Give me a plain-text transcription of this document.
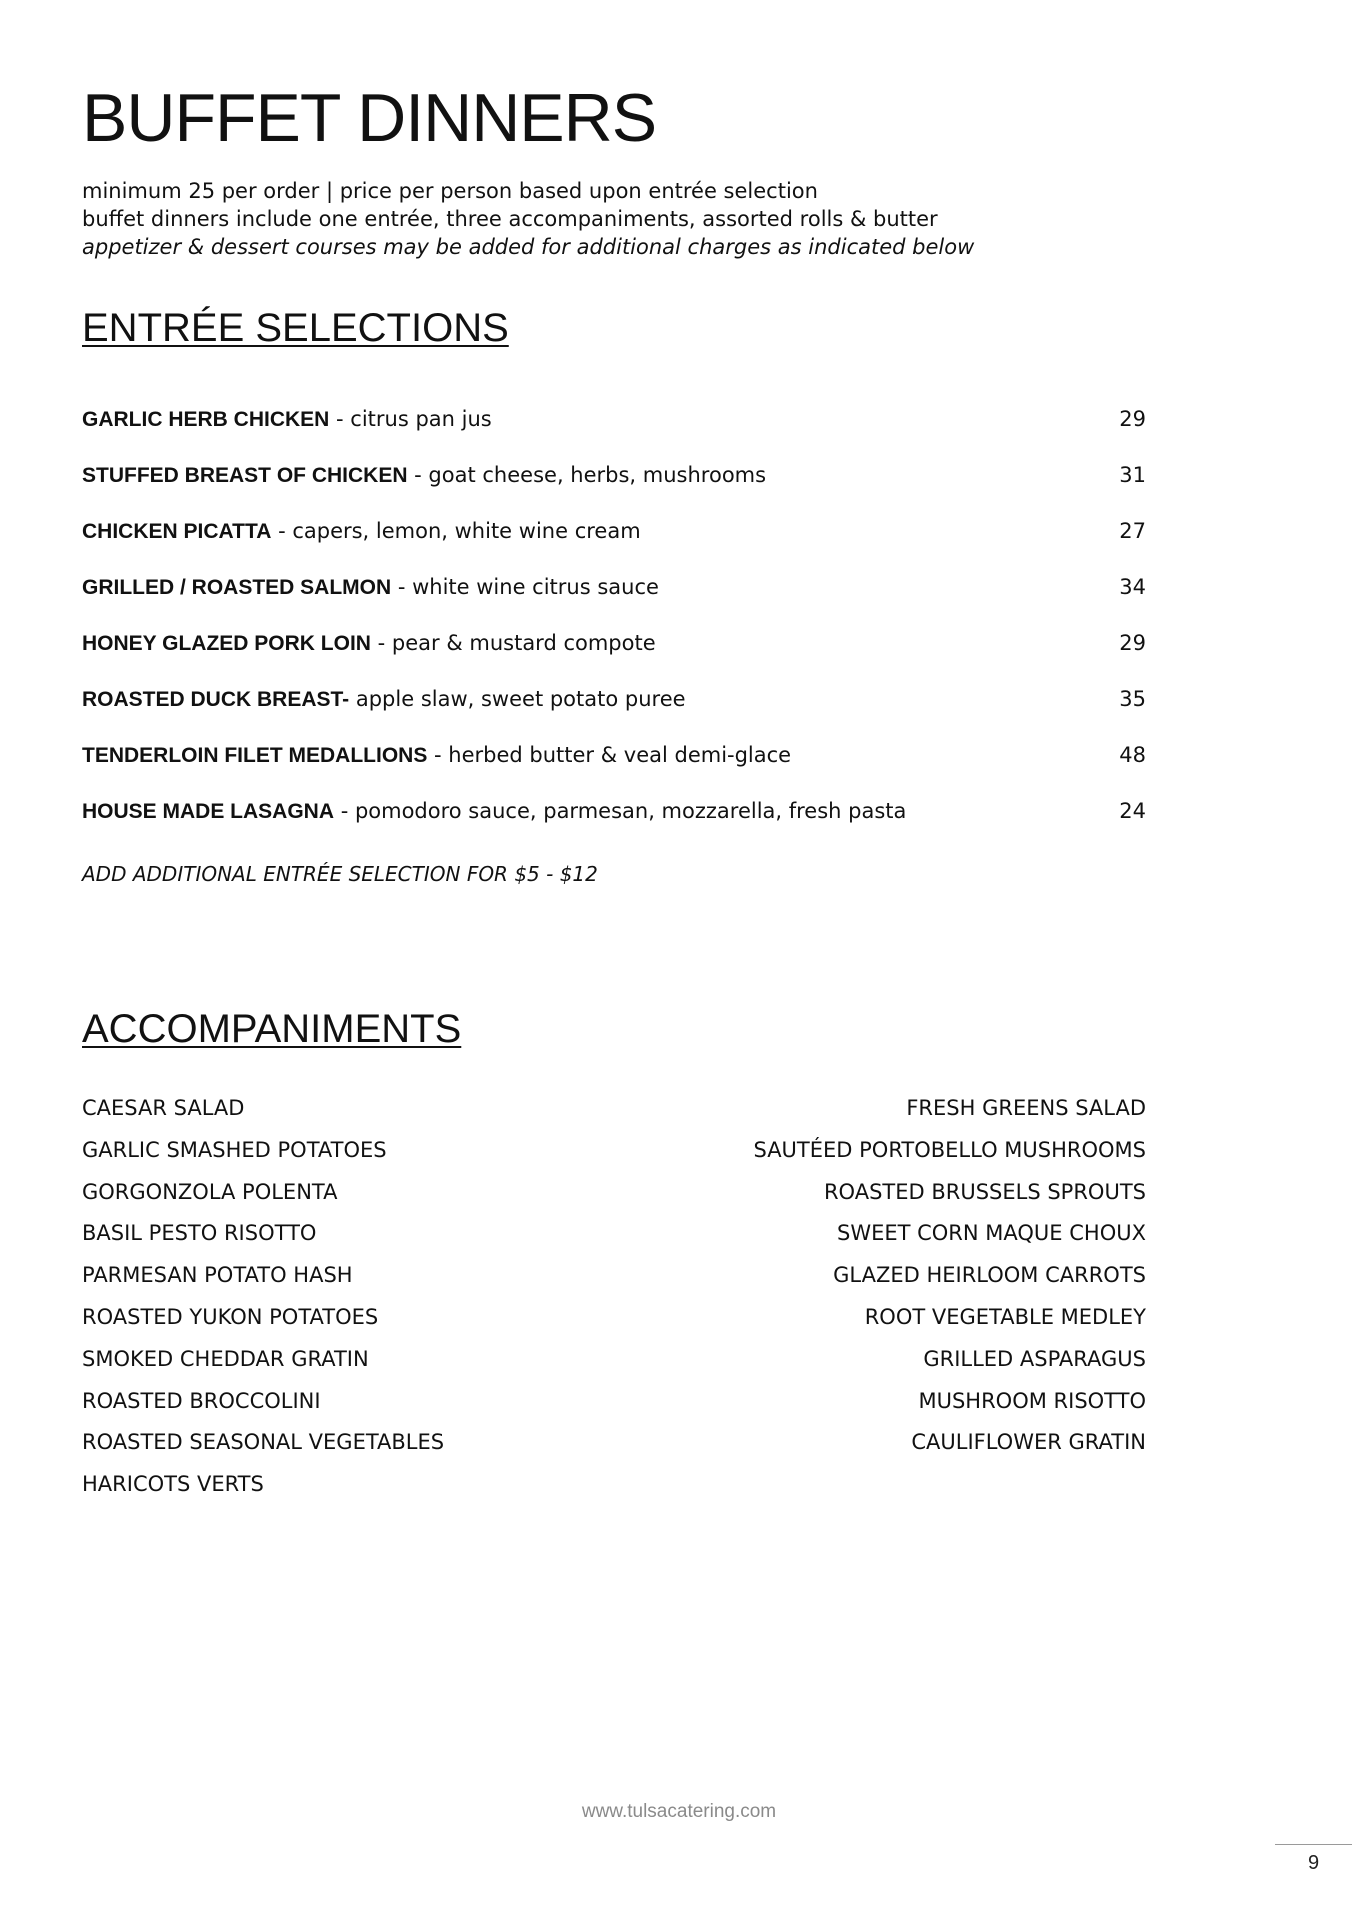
BUFFET DINNERS
minimum 25 per order | price per person based upon entrée selection
buffet dinners include one entrée, three accompaniments, assorted rolls & butter
appetizer & dessert courses may be added for additional charges as indicated below
ENTRÉE SELECTIONS
GARLIC HERB CHICKEN - citrus pan jus	29
STUFFED BREAST OF CHICKEN - goat cheese, herbs, mushrooms	31
CHICKEN PICATTA - capers, lemon, white wine cream	27
GRILLED / ROASTED SALMON - white wine citrus sauce	34
HONEY GLAZED PORK LOIN - pear & mustard compote	29
ROASTED DUCK BREAST- apple slaw, sweet potato puree	35
TENDERLOIN FILET MEDALLIONS - herbed butter & veal demi-glace	48
HOUSE MADE LASAGNA - pomodoro sauce, parmesan, mozzarella, fresh pasta	24
ADD ADDITIONAL ENTRÉE SELECTION FOR $5 - $12
ACCOMPANIMENTS
CAESAR SALAD
GARLIC SMASHED POTATOES
GORGONZOLA POLENTA
BASIL PESTO RISOTTO
PARMESAN POTATO HASH
ROASTED YUKON POTATOES
SMOKED CHEDDAR GRATIN
ROASTED BROCCOLINI
ROASTED SEASONAL VEGETABLES
HARICOTS VERTS
FRESH GREENS SALAD
SAUTÉED PORTOBELLO MUSHROOMS
ROASTED BRUSSELS SPROUTS
SWEET CORN MAQUE CHOUX
GLAZED HEIRLOOM CARROTS
ROOT VEGETABLE MEDLEY
GRILLED ASPARAGUS
MUSHROOM RISOTTO
CAULIFLOWER GRATIN
www.tulsacatering.com
9
